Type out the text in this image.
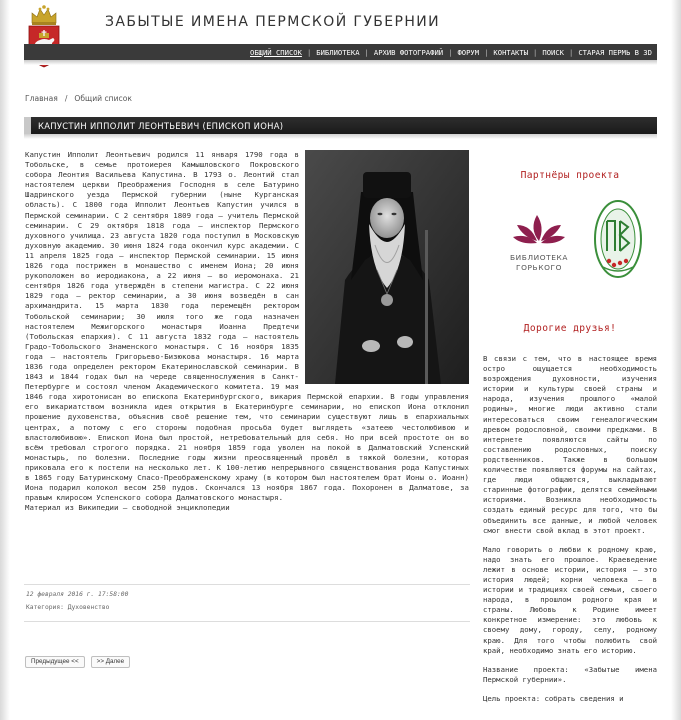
ЗАБЫТЫЕ ИМЕНА ПЕРМСКОЙ ГУБЕРНИИ
ОБЩИЙ СПИСОК | БИБЛИОТЕКА | АРХИВ ФОТОГРАФИЙ | ФОРУМ | КОНТАКТЫ | ПОИСК | СТАРАЯ ПЕРМЬ В 3D
Главная / Общий список
КАПУСТИН ИППОЛИТ ЛЕОНТЬЕВИЧ (ЕПИСКОП ИОНА)

Капустин Ипполит Леонтьевич родился 11 января 1790 года в Тобольске, в семье протоиерея Камышловского Покровского собора Леонтия Васильева Капустина. В 1793 о. Леонтий стал настоятелем церкви Преображения Господня в селе Батурино Шадринского уезда Пермской губернии (ныне Курганская область). С 1800 года Ипполит Леонтьев Капустин учился в Пермской семинарии. С 2 сентября 1809 года — учитель Пермской семинарии. С 29 октября 1818 года — инспектор Пермского духовного училища. 23 августа 1820 года поступил в Московскую духовную академию. 30 июня 1824 года окончил курс академии. С 11 апреля 1825 года — инспектор Пермской семинарии. 15 июня 1826 года пострижен в монашество с именем Иона; 20 июня рукоположен во иеродиакона, а 22 июня — во иеромонаха. 21 сентября 1826 года утверждён в степени магистра. С 22 июня 1829 года — ректор семинарии, а 30 июня возведён в сан архимандрита. 15 марта 1830 года перемещён ректором Тобольской семинарии; 30 июля того же года назначен настоятелем Межигорского монастыря Иоанна Предтечи (Тобольская епархия). С 11 августа 1832 года — настоятель Градо-Тобольского Знаменского монастыря. С 16 ноября 1835 года — настоятель Григорьево-Бизюкова монастыря. 16 марта 1836 года определен ректором Екатеринославской семинарии. В 1843 и 1844 годах был на череде священнослужения в Санкт-Петербурге и состоял членом Академического комитета. 19 мая 1846 года хиротонисан во епископа Екатеринбургского, викария Пермской епархии. В годы управления его викариатством возникла идея открытия в Екатеринбурге семинарии, но епископ Иона отклонил прошение духовенства, объяснив своё решение тем, что семинарии существуют лишь в епархиальных центрах, а потому с его стороны подобная просьба будет выглядеть «затеею честолюбивою и властолюбивою». Епископ Иона был простой, нетребовательный для себя. Но при всей простоте он во всём требовал строгого порядка. 21 ноября 1859 года уволен на покой в Далматовский Успенский монастырь, по болезни. Последние годы жизни преосвященный провёл в тяжкой болезни, которая приковала его к постели на несколько лет. К 100-летию непрерывного священствования рода Капустиных в 1865 году Батуринскому Спасо-Преображенскому храму (в котором был настоятелем брат Ионы о. Иоанн) Иона подарил колокол весом 250 пудов. Скончался 13 ноября 1867 года. Похоронен в Далматове, за правым клиросом Успенского собора Далматовского монастыря.

Материал из Википедии — свободной энциклопедии

12 февраля 2016 г. 17:58:00
Категория: Духовенство
Предыдущее <<	>> Далее
Партнёры проекта
БИБЛИОТЕКА
ГОРЬКОГО
Дорогие друзья!

В связи с тем, что в настоящее время остро ощущается необходимость возрождения духовности, изучения истории и культуры своей страны и народа, изучения прошлого «малой родины», многие люди активно стали интересоваться своим генеалогическим древом родословной, своими предками. В интернете появляются сайты по составлению родословных, поиску родственников. Также в большом количестве появляются форумы на сайтах, где люди общаются, выкладывают старинные фотографии, делятся семейными историями. Возникла необходимость создать единый ресурс для того, что бы объединить все данные, и любой человек смог внести свой вклад в этот проект.

Мало говорить о любви к родному краю, надо знать его прошлое. Краеведение лежит в основе истории, история – это история людей; корни человека – в истории и традициях своей семьи, своего народа, в прошлом родного края и страны. Любовь к Родине имеет конкретное измерение: это любовь к своему дому, городу, селу, родному краю. Для того чтобы полюбить свой край, необходимо знать его историю.

Название проекта: «Забытые имена Пермской губернии».

Цель проекта: собрать сведения и
